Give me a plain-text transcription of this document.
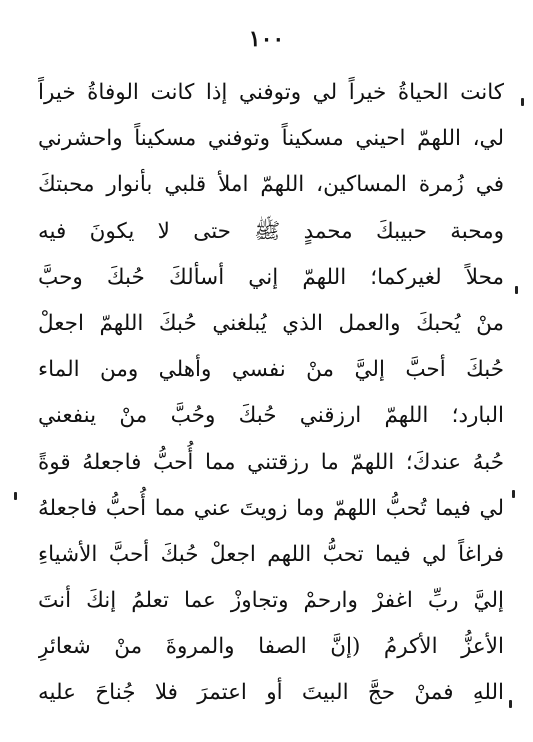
١٠٠
كانت الحياةُ خيراً لي وتوفني إذا كانت الوفاةُ خيراً
لي، اللهمّ احيني مسكيناً وتوفني مسكيناً واحشرني
في زُمرة المساكين، اللهمّ املأ قلبي بأنوار محبتكَ
ومحبة حبيبكَ محمدٍ ﷺ حتى لا يكونَ فيه
محلاً لغيركما؛ اللهمّ إني أسألكَ حُبكَ وحبَّ
منْ يُحبكَ والعمل الذي يُبلغني حُبكَ اللهمّ اجعلْ
حُبكَ أحبَّ إليَّ منْ نفسي وأهلي ومن الماء
البارد؛ اللهمّ ارزقني حُبكَ وحُبَّ منْ ينفعني
حُبهُ عندكَ؛ اللهمّ ما رزقتني مما أُحبُّ فاجعلهُ قوةً
لي فيما تُحبُّ اللهمّ وما زويتَ عني مما أُحبُّ فاجعلهُ
فراغاً لي فيما تحبُّ اللهم اجعلْ حُبكَ أحبَّ الأشياءِ
إليَّ ربِّ اغفرْ وارحمْ وتجاوزْ عما تعلمُ إنكَ أنتَ
الأعزُّ الأكرمُ (إنَّ الصفا والمروةَ منْ شعائرِ
اللهِ فمنْ حجَّ البيتَ أو اعتمرَ فلا جُناحَ عليه
